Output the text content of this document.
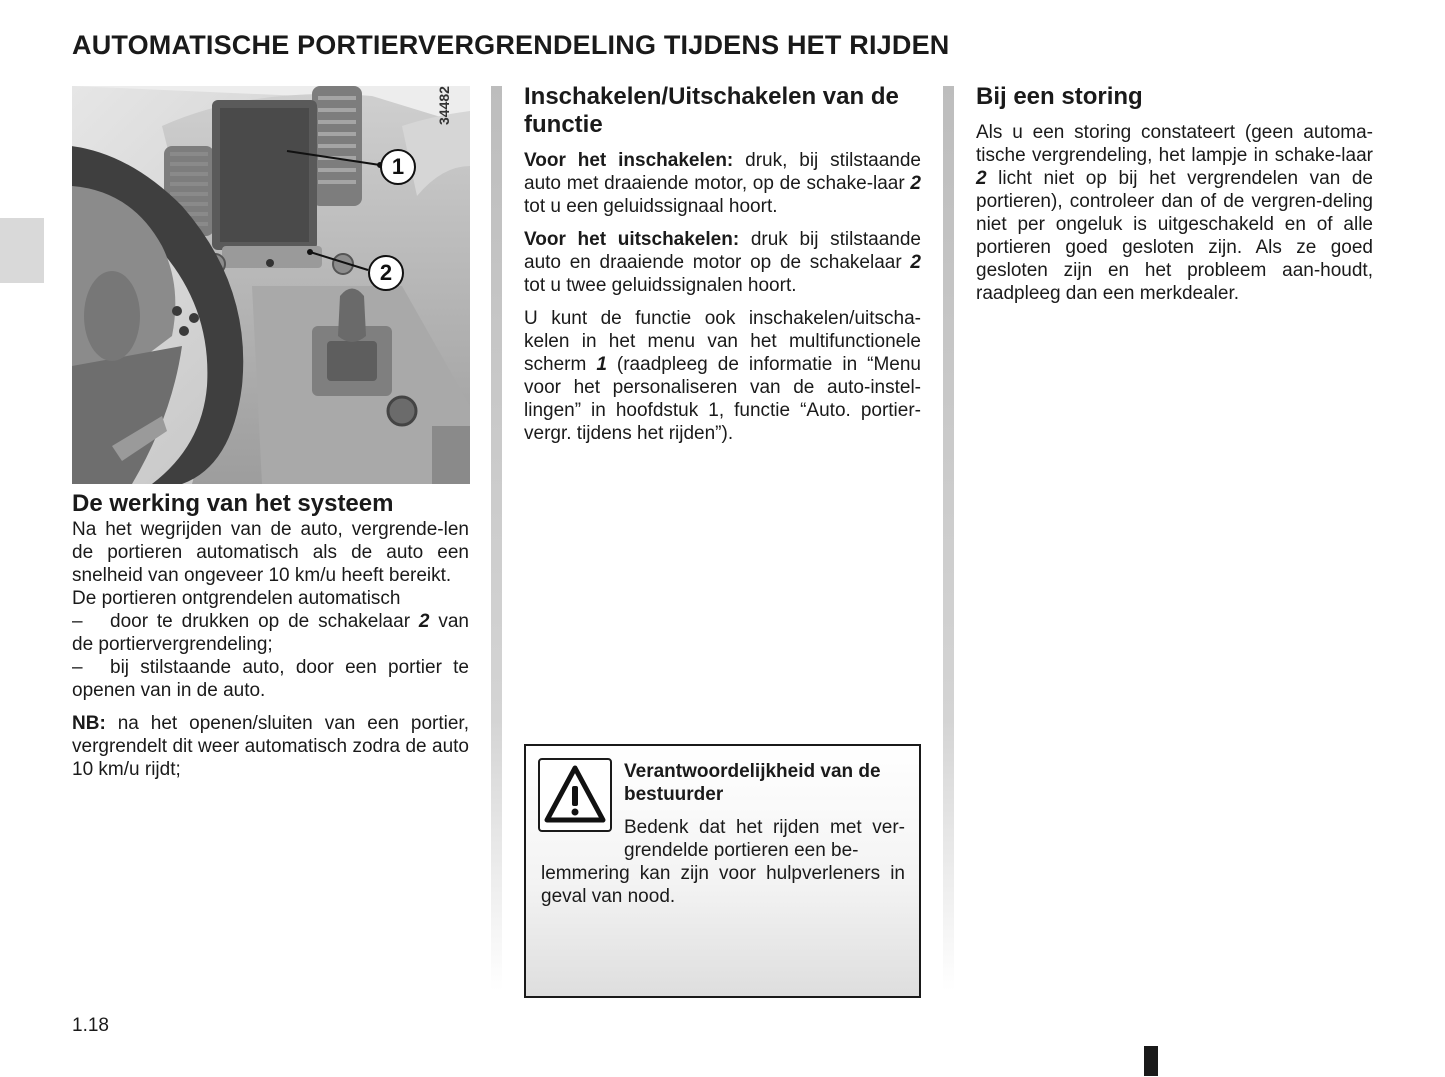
AUTOMATISCHE PORTIERVERGRENDELING TIJDENS HET RIJDEN
1
2
34482
De werking van het systeem

Na het wegrijden van de auto, vergrende-len de portieren automatisch als de auto een snelheid van ongeveer 10 km/u heeft bereikt.

De portieren ontgrendelen automatisch

– door te drukken op de schakelaar 2 van de portiervergrendeling;

– bij stilstaande auto, door een portier te openen van in de auto.

NB: na het openen/sluiten van een portier, vergrendelt dit weer automatisch zodra de auto 10 km/u rijdt;

Inschakelen/Uitschakelen van de functie

Voor het inschakelen: druk, bij stilstaande auto met draaiende motor, op de schake-laar 2 tot u een geluidssignaal hoort.

Voor het uitschakelen: druk bij stilstaande auto en draaiende motor op de schakelaar 2 tot u twee geluidssignalen hoort.

U kunt de functie ook inschakelen/uitscha-kelen in het menu van het multifunctionele scherm 1 (raadpleeg de informatie in “Menu voor het personaliseren van de auto-instel-lingen” in hoofdstuk 1, functie “Auto. portier-vergr. tijdens het rijden”).

Verantwoordelijkheid van de bestuurder
Bedenk dat het rijden met ver-grendelde portieren een be-
lemmering kan zijn voor hulpverleners in geval van nood.
Bij een storing

Als u een storing constateert (geen automa-tische vergrendeling, het lampje in schake-laar 2 licht niet op bij het vergrendelen van de portieren), controleer dan of de vergren-deling niet per ongeluk is uitgeschakeld en of alle portieren goed gesloten zijn. Als ze goed gesloten zijn en het probleem aan-houdt, raadpleeg dan een merkdealer.

1.18
